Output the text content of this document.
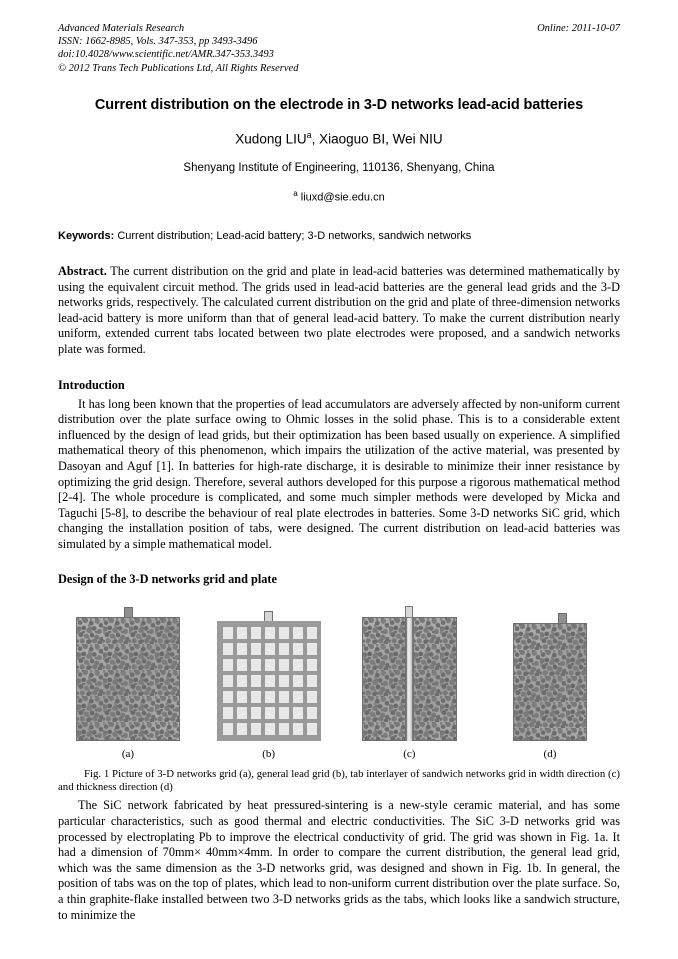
Online: 2011-10-07
Advanced Materials Research
ISSN: 1662-8985, Vols. 347-353, pp 3493-3496
doi:10.4028/www.scientific.net/AMR.347-353.3493
© 2012 Trans Tech Publications Ltd, All Rights Reserved
Current distribution on the electrode in 3-D networks lead-acid batteries
Xudong LIU$^a$, Xiaoguo BI, Wei NIU
Shenyang Institute of Engineering, 110136, Shenyang, China
$^a$ liuxd@sie.edu.cn
Keywords: Current distribution; Lead-acid battery; 3-D networks, sandwich networks
Abstract. The current distribution on the grid and plate in lead-acid batteries was determined mathematically by using the equivalent circuit method. The grids used in lead-acid batteries are the general lead grids and the 3-D networks grids, respectively. The calculated current distribution on the grid and plate of three-dimension networks lead-acid battery is more uniform than that of general lead-acid battery. To make the current distribution nearly uniform, extended current tabs located between two plate electrodes were proposed, and a sandwich networks plate was formed.
Introduction

It has long been known that the properties of lead accumulators are adversely affected by non-uniform current distribution over the plate surface owing to Ohmic losses in the solid phase. This is to a considerable extent influenced by the design of lead grids, but their optimization has been based usually on experience. A simplified mathematical theory of this phenomenon, which impairs the utilization of the active material, was presented by Dasoyan and Aguf [1]. In batteries for high-rate discharge, it is desirable to minimize their inner resistance by optimizing the grid design. Therefore, several authors developed for this purpose a rigorous mathematical method [2-4]. The whole procedure is complicated, and some much simpler methods were developed by Micka and Taguchi [5-8], to describe the behaviour of real plate electrodes in batteries. Some 3-D networks SiC grid, which changing the installation position of tabs, were designed. The current distribution on lead-acid batteries was simulated by a simple mathematical model.

Design of the 3-D networks grid and plate
(a)	(b)	(c)	(d)
Fig. 1 Picture of 3-D networks grid (a), general lead grid (b), tab interlayer of sandwich networks grid in width direction (c) and thickness direction (d)

The SiC network fabricated by heat pressured-sintering is a new-style ceramic material, and has some particular characteristics, such as good thermal and electric conductivities. The SiC 3-D networks grid was processed by electroplating Pb to improve the electrical conductivity of grid. The grid was shown in Fig. 1a. It had a dimension of 70mm× 40mm×4mm. In order to compare the current distribution, the general lead grid, which was the same dimension as the 3-D networks grid, was designed and shown in Fig. 1b. In general, the position of tabs was on the top of plates, which lead to non-uniform current distribution over the plate surface. So, a thin graphite-flake installed between two 3-D networks grids as the tabs, which looks like a sandwich structure, to minimize the
